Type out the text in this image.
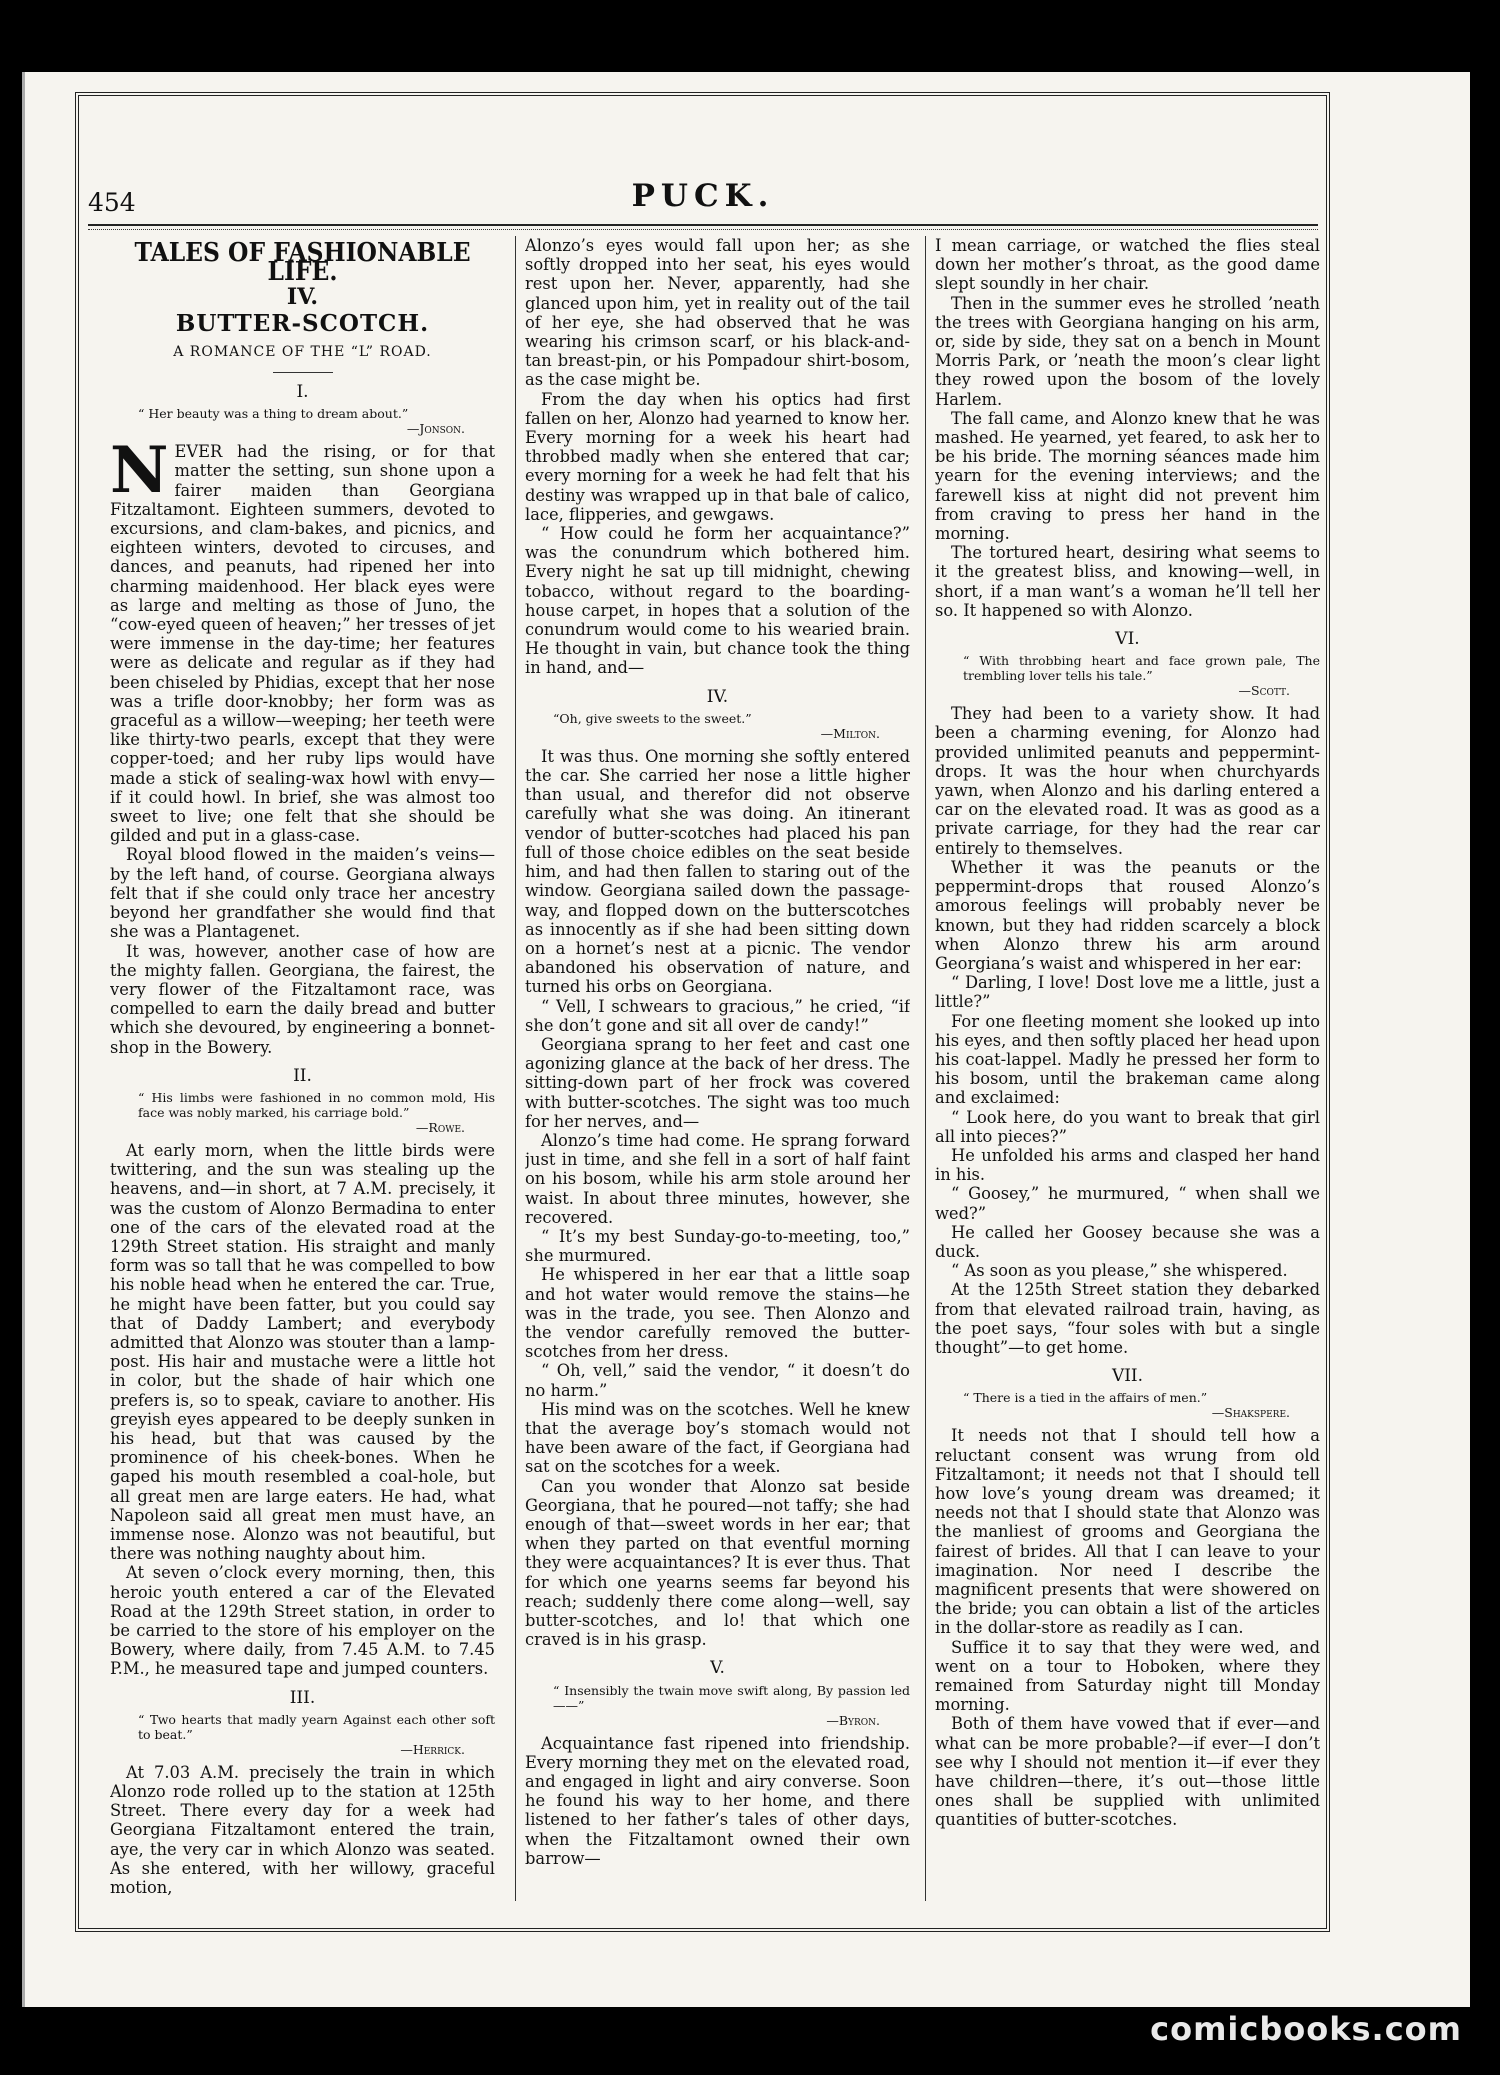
454	PUCK.
TALES OF FASHIONABLE LIFE.
IV.
BUTTER-SCOTCH.
A ROMANCE OF THE “L” ROAD.
I.
“ Her beauty was a thing to dream about.”
—Jonson.

NEVER had the rising, or for that matter the setting, sun shone upon a fairer maiden than Georgiana Fitzaltamont. Eighteen summers, devoted to excursions, and clam-bakes, and picnics, and eighteen winters, devoted to circuses, and dances, and peanuts, had ripened her into charming maidenhood. Her black eyes were as large and melting as those of Juno, the “cow-eyed queen of heaven;” her tresses of jet were immense in the day-time; her features were as delicate and regular as if they had been chiseled by Phidias, except that her nose was a trifle door-knobby; her form was as graceful as a willow—weeping; her teeth were like thirty-two pearls, except that they were copper-toed; and her ruby lips would have made a stick of sealing-wax howl with envy—if it could howl. In brief, she was almost too sweet to live; one felt that she should be gilded and put in a glass-case.

Royal blood flowed in the maiden’s veins—by the left hand, of course. Georgiana always felt that if she could only trace her ancestry beyond her grandfather she would find that she was a Plantagenet.

It was, however, another case of how are the mighty fallen. Georgiana, the fairest, the very flower of the Fitzaltamont race, was compelled to earn the daily bread and butter which she devoured, by engineering a bonnet-shop in the Bowery.

II.
“ His limbs were fashioned in no common mold, His face was nobly marked, his carriage bold.”
—Rowe.

At early morn, when the little birds were twittering, and the sun was stealing up the heavens, and—in short, at 7 A.M. precisely, it was the custom of Alonzo Bermadina to enter one of the cars of the elevated road at the 129th Street station. His straight and manly form was so tall that he was compelled to bow his noble head when he entered the car. True, he might have been fatter, but you could say that of Daddy Lambert; and everybody admitted that Alonzo was stouter than a lamp-post. His hair and mustache were a little hot in color, but the shade of hair which one prefers is, so to speak, caviare to another. His greyish eyes appeared to be deeply sunken in his head, but that was caused by the prominence of his cheek-bones. When he gaped his mouth resembled a coal-hole, but all great men are large eaters. He had, what Napoleon said all great men must have, an immense nose. Alonzo was not beautiful, but there was nothing naughty about him.

At seven o’clock every morning, then, this heroic youth entered a car of the Elevated Road at the 129th Street station, in order to be carried to the store of his employer on the Bowery, where daily, from 7.45 A.M. to 7.45 P.M., he measured tape and jumped counters.

III.
“ Two hearts that madly yearn Against each other soft to beat.”
—Herrick.

At 7.03 A.M. precisely the train in which Alonzo rode rolled up to the station at 125th Street. There every day for a week had Georgiana Fitzaltamont entered the train, aye, the very car in which Alonzo was seated. As she entered, with her willowy, graceful motion,

Alonzo’s eyes would fall upon her; as she softly dropped into her seat, his eyes would rest upon her. Never, apparently, had she glanced upon him, yet in reality out of the tail of her eye, she had observed that he was wearing his crimson scarf, or his black-and-tan breast-pin, or his Pompadour shirt-bosom, as the case might be.

From the day when his optics had first fallen on her, Alonzo had yearned to know her. Every morning for a week his heart had throbbed madly when she entered that car; every morning for a week he had felt that his destiny was wrapped up in that bale of calico, lace, flipperies, and gewgaws.

“ How could he form her acquaintance?” was the conundrum which bothered him. Every night he sat up till midnight, chewing tobacco, without regard to the boarding-house carpet, in hopes that a solution of the conundrum would come to his wearied brain. He thought in vain, but chance took the thing in hand, and—

IV.
“Oh, give sweets to the sweet.”
—Milton.

It was thus. One morning she softly entered the car. She carried her nose a little higher than usual, and therefor did not observe carefully what she was doing. An itinerant vendor of butter-scotches had placed his pan full of those choice edibles on the seat beside him, and had then fallen to staring out of the window. Georgiana sailed down the passage-way, and flopped down on the butterscotches as innocently as if she had been sitting down on a hornet’s nest at a picnic. The vendor abandoned his observation of nature, and turned his orbs on Georgiana.

“ Vell, I schwears to gracious,” he cried, “if she don’t gone and sit all over de candy!”

Georgiana sprang to her feet and cast one agonizing glance at the back of her dress. The sitting-down part of her frock was covered with butter-scotches. The sight was too much for her nerves, and—

Alonzo’s time had come. He sprang forward just in time, and she fell in a sort of half faint on his bosom, while his arm stole around her waist. In about three minutes, however, she recovered.

“ It’s my best Sunday-go-to-meeting, too,” she murmured.

He whispered in her ear that a little soap and hot water would remove the stains—he was in the trade, you see. Then Alonzo and the vendor carefully removed the butter-scotches from her dress.

“ Oh, vell,” said the vendor, “ it doesn’t do no harm.”

His mind was on the scotches. Well he knew that the average boy’s stomach would not have been aware of the fact, if Georgiana had sat on the scotches for a week.

Can you wonder that Alonzo sat beside Georgiana, that he poured—not taffy; she had enough of that—sweet words in her ear; that when they parted on that eventful morning they were acquaintances? It is ever thus. That for which one yearns seems far beyond his reach; suddenly there come along—well, say butter-scotches, and lo! that which one craved is in his grasp.

V.
“ Insensibly the twain move swift along, By passion led——”
—Byron.

Acquaintance fast ripened into friendship. Every morning they met on the elevated road, and engaged in light and airy converse. Soon he found his way to her home, and there listened to her father’s tales of other days, when the Fitzaltamont owned their own barrow—

I mean carriage, or watched the flies steal down her mother’s throat, as the good dame slept soundly in her chair.

Then in the summer eves he strolled ’neath the trees with Georgiana hanging on his arm, or, side by side, they sat on a bench in Mount Morris Park, or ’neath the moon’s clear light they rowed upon the bosom of the lovely Harlem.

The fall came, and Alonzo knew that he was mashed. He yearned, yet feared, to ask her to be his bride. The morning séances made him yearn for the evening interviews; and the farewell kiss at night did not prevent him from craving to press her hand in the morning.

The tortured heart, desiring what seems to it the greatest bliss, and knowing—well, in short, if a man want’s a woman he’ll tell her so. It happened so with Alonzo.

VI.
“ With throbbing heart and face grown pale, The trembling lover tells his tale.”
—Scott.

They had been to a variety show. It had been a charming evening, for Alonzo had provided unlimited peanuts and peppermint-drops. It was the hour when churchyards yawn, when Alonzo and his darling entered a car on the elevated road. It was as good as a private carriage, for they had the rear car entirely to themselves.

Whether it was the peanuts or the peppermint-drops that roused Alonzo’s amorous feelings will probably never be known, but they had ridden scarcely a block when Alonzo threw his arm around Georgiana’s waist and whispered in her ear:

“ Darling, I love! Dost love me a little, just a little?”

For one fleeting moment she looked up into his eyes, and then softly placed her head upon his coat-lappel. Madly he pressed her form to his bosom, until the brakeman came along and exclaimed:

“ Look here, do you want to break that girl all into pieces?”

He unfolded his arms and clasped her hand in his.

“ Goosey,” he murmured, “ when shall we wed?”

He called her Goosey because she was a duck.

“ As soon as you please,” she whispered.

At the 125th Street station they debarked from that elevated railroad train, having, as the poet says, “four soles with but a single thought”—to get home.

VII.
“ There is a tied in the affairs of men.”
—Shakspere.

It needs not that I should tell how a reluctant consent was wrung from old Fitzaltamont; it needs not that I should tell how love’s young dream was dreamed; it needs not that I should state that Alonzo was the manliest of grooms and Georgiana the fairest of brides. All that I can leave to your imagination. Nor need I describe the magnificent presents that were showered on the bride; you can obtain a list of the articles in the dollar-store as readily as I can.

Suffice it to say that they were wed, and went on a tour to Hoboken, where they remained from Saturday night till Monday morning.

Both of them have vowed that if ever—and what can be more probable?—if ever—I don’t see why I should not mention it—if ever they have children—there, it’s out—those little ones shall be supplied with unlimited quantities of butter-scotches.

comicbooks.com
